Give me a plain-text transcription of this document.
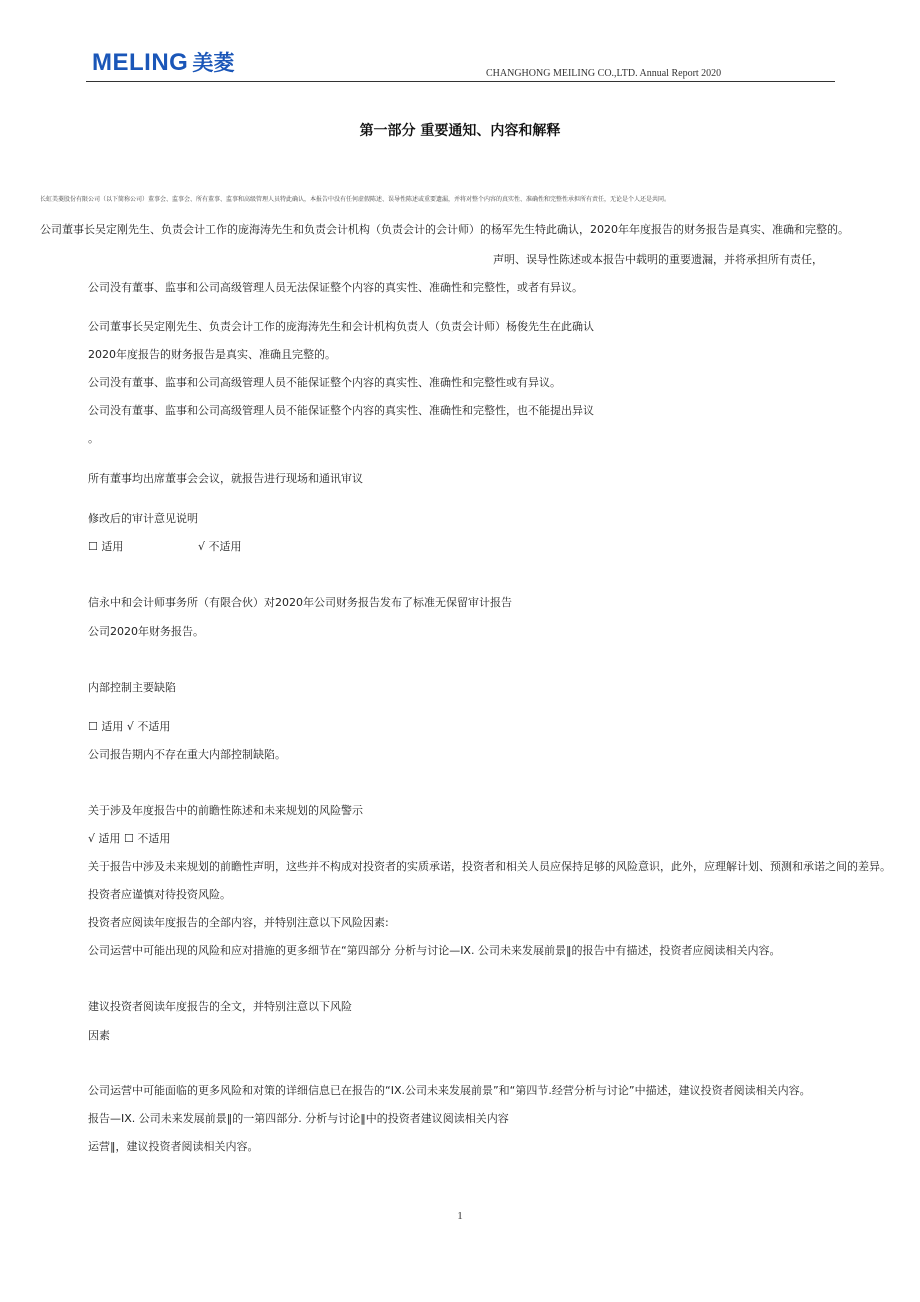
MELING 美菱	CHANGHONG MEILING CO.,LTD. Annual Report 2020
第一部分 重要通知、内容和解释
长虹美菱股份有限公司（以下简称公司）董事会、监事会、所有董事、监事和高级管理人员特此确认，本报告中没有任何虚假陈述、误导性陈述或重要遗漏，并将对整个内容的真实性、准确性和完整性承担所有责任，无论是个人还是共同。
公司董事长吴定刚先生、负责会计工作的庞海涛先生和负责会计机构（负责会计的会计师）的杨军先生特此确认，2020年年度报告的财务报告是真实、准确和完整的。
声明、误导性陈述或本报告中载明的重要遗漏，并将承担所有责任，
公司没有董事、监事和公司高级管理人员无法保证整个内容的真实性、准确性和完整性，或者有异议。
公司董事长吴定刚先生、负责会计工作的庞海涛先生和会计机构负责人（负责会计师）杨俊先生在此确认
2020年度报告的财务报告是真实、准确且完整的。
公司没有董事、监事和公司高级管理人员不能保证整个内容的真实性、准确性和完整性或有异议。
公司没有董事、监事和公司高级管理人员不能保证整个内容的真实性、准确性和完整性，也不能提出异议
。
所有董事均出席董事会会议，就报告进行现场和通讯审议
修改后的审计意见说明
☐ 适用	√ 不适用
信永中和会计师事务所（有限合伙）对2020年公司财务报告发布了标准无保留审计报告
公司2020年财务报告。
内部控制主要缺陷
☐ 适用 √ 不适用
公司报告期内不存在重大内部控制缺陷。
关于涉及年度报告中的前瞻性陈述和未来规划的风险警示
√ 适用 ☐ 不适用
关于报告中涉及未来规划的前瞻性声明，这些并不构成对投资者的实质承诺，投资者和相关人员应保持足够的风险意识，此外，应理解计划、预测和承诺之间的差异。
投资者应谨慎对待投资风险。
投资者应阅读年度报告的全部内容，并特别注意以下风险因素:
公司运营中可能出现的风险和应对措施的更多细节在“第四部分 分析与讨论—IX. 公司未来发展前景‖的报告中有描述，投资者应阅读相关内容。
建议投资者阅读年度报告的全文，并特别注意以下风险
因素
公司运营中可能面临的更多风险和对策的详细信息已在报告的“IX.公司未来发展前景”和“第四节.经营分析与讨论”中描述，建议投资者阅读相关内容。
报告—IX. 公司未来发展前景‖的一第四部分. 分析与讨论‖中的投资者建议阅读相关内容
运营‖，建议投资者阅读相关内容。
1
